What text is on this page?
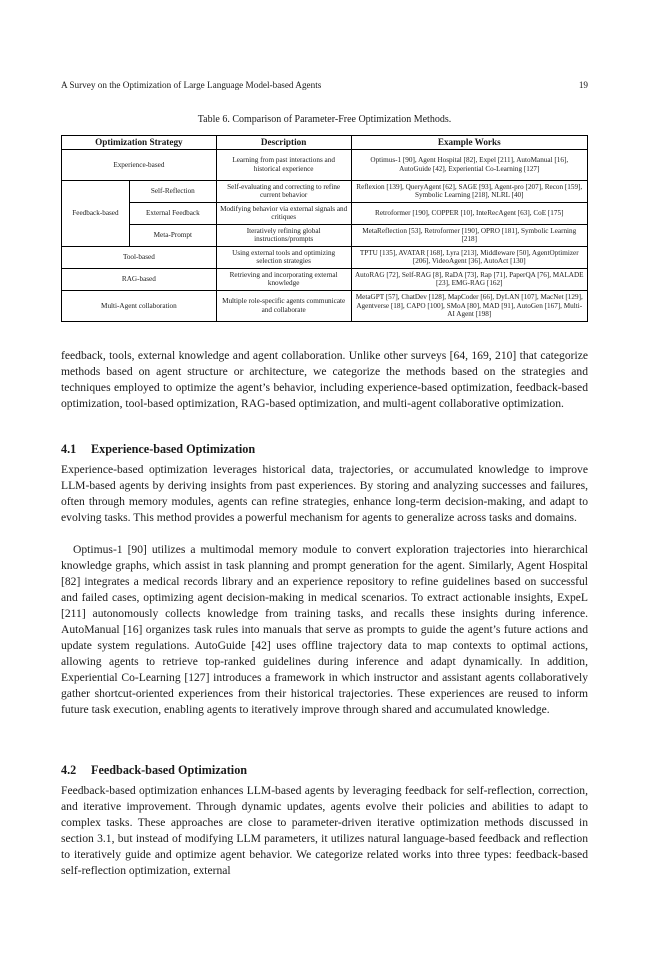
A Survey on the Optimization of Large Language Model-based Agents	19
Table 6. Comparison of Parameter-Free Optimization Methods.
Optimization Strategy		Description	Example Works
Experience-based		Learning from past interactions and historical experience	Optimus-1 [90], Agent Hospital [82], Expel [211], AutoManual [16], AutoGuide [42], Experiential Co-Learning [127]
Feedback-based	Self-Reflection	Self-evaluating and correcting to refine current behavior	Reflexion [139], QueryAgent [62], SAGE [93], Agent-pro [207], Recon [159], Symbolic Learning [218], NLRL [40]
	External Feedback	Modifying behavior via external signals and critiques	Retroformer [190], COPPER [10], InteRecAgent [63], CoE [175]
	Meta-Prompt	Iteratively refining global instructions/prompts	MetaReflection [53], Retroformer [190], OPRO [181], Symbolic Learning [218]
Tool-based		Using external tools and optimizing selection strategies	TPTU [135], AVATAR [168], Lyra [213], Middleware [50], AgentOptimizer [206], VideoAgent [36], AutoAct [130]
RAG-based		Retrieving and incorporating external knowledge	AutoRAG [72], Self-RAG [8], RaDA [73], Rap [71], PaperQA [76], MALADE [23], EMG-RAG [162]
Multi-Agent collaboration		Multiple role-specific agents communicate and collaborate	MetaGPT [57], ChatDev [128], MapCoder [66], DyLAN [107], MacNet [129], Agentverse [18], CAPO [100], SMoA [80], MAD [91], AutoGen [167], Multi-AI Agent [198]

feedback, tools, external knowledge and agent collaboration. Unlike other surveys [64, 169, 210] that categorize methods based on agent structure or architecture, we categorize the methods based on the strategies and techniques employed to optimize the agent’s behavior, including experience-based optimization, feedback-based optimization, tool-based optimization, RAG-based optimization, and multi-agent collaborative optimization.

4.1 Experience-based Optimization

Experience-based optimization leverages historical data, trajectories, or accumulated knowledge to improve LLM-based agents by deriving insights from past experiences. By storing and analyzing successes and failures, often through memory modules, agents can refine strategies, enhance long-term decision-making, and adapt to evolving tasks. This method provides a powerful mechanism for agents to generalize across tasks and domains.

Optimus-1 [90] utilizes a multimodal memory module to convert exploration trajectories into hierarchical knowledge graphs, which assist in task planning and prompt generation for the agent. Similarly, Agent Hospital [82] integrates a medical records library and an experience repository to refine guidelines based on successful and failed cases, optimizing agent decision-making in medical scenarios. To extract actionable insights, ExpeL [211] autonomously collects knowledge from training tasks, and recalls these insights during inference. AutoManual [16] organizes task rules into manuals that serve as prompts to guide the agent’s future actions and update system regulations. AutoGuide [42] uses offline trajectory data to map contexts to optimal actions, allowing agents to retrieve top-ranked guidelines during inference and adapt dynamically. In addition, Experiential Co-Learning [127] introduces a framework in which instructor and assistant agents collaboratively gather shortcut-oriented experiences from their historical trajectories. These experiences are reused to inform future task execution, enabling agents to iteratively improve through shared and accumulated knowledge.

4.2 Feedback-based Optimization

Feedback-based optimization enhances LLM-based agents by leveraging feedback for self-reflection, correction, and iterative improvement. Through dynamic updates, agents evolve their policies and abilities to adapt to complex tasks. These approaches are close to parameter-driven iterative optimization methods discussed in section 3.1, but instead of modifying LLM parameters, it utilizes natural language-based feedback and reflection to iteratively guide and optimize agent behavior. We categorize related works into three types: feedback-based self-reflection optimization, external
